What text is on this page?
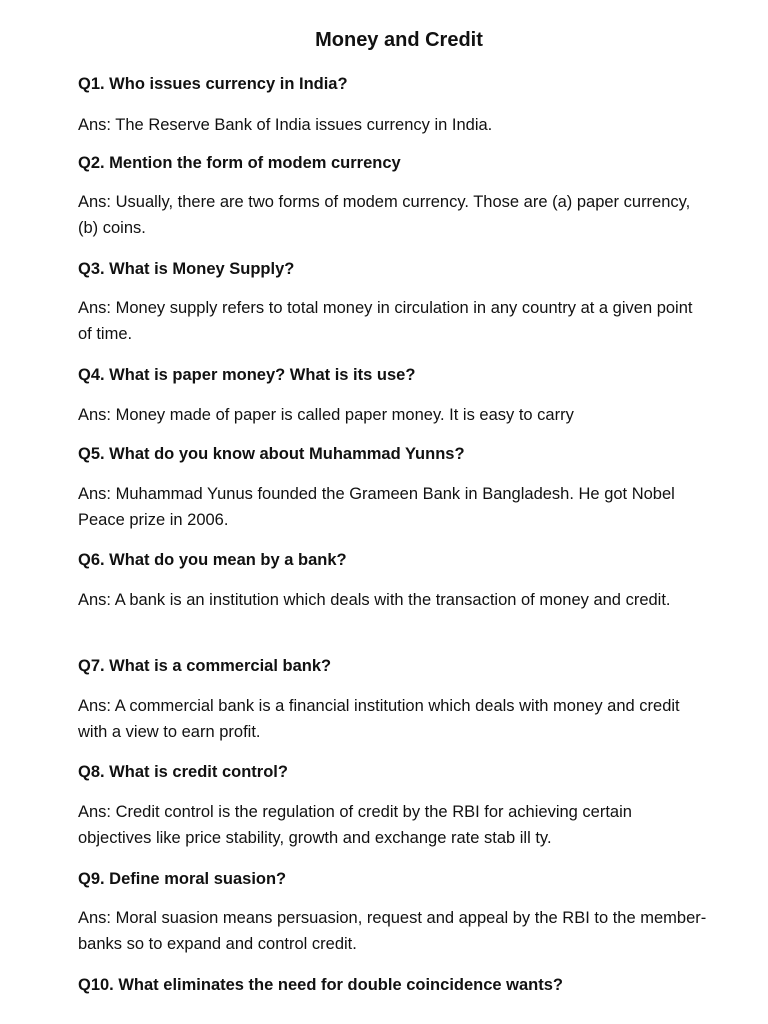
Money and Credit

Q1. Who issues currency in India?

Ans: The Reserve Bank of India issues currency in India.

Q2. Mention the form of modem currency

Ans: Usually, there are two forms of modem currency. Those are (a) paper currency, (b) coins.

Q3. What is Money Supply?

Ans: Money supply refers to total money in circulation in any country at a given point of time.

Q4. What is paper money? What is its use?

Ans: Money made of paper is called paper money. It is easy to carry

Q5. What do you know about Muhammad Yunns?

Ans: Muhammad Yunus founded the Grameen Bank in Bangladesh. He got Nobel Peace prize in 2006.

Q6. What do you mean by a bank?

Ans: A bank is an institution which deals with the transaction of money and credit.

Q7. What is a commercial bank?

Ans: A commercial bank is a financial institution which deals with money and credit with a view to earn profit.

Q8. What is credit control?

Ans: Credit control is the regulation of credit by the RBI for achieving certain objectives like price stability, growth and exchange rate stab ill ty.

Q9. Define moral suasion?

Ans: Moral suasion means persuasion, request and appeal by the RBI to the member-banks so to expand and control credit.

Q10. What eliminates the need for double coincidence wants?
